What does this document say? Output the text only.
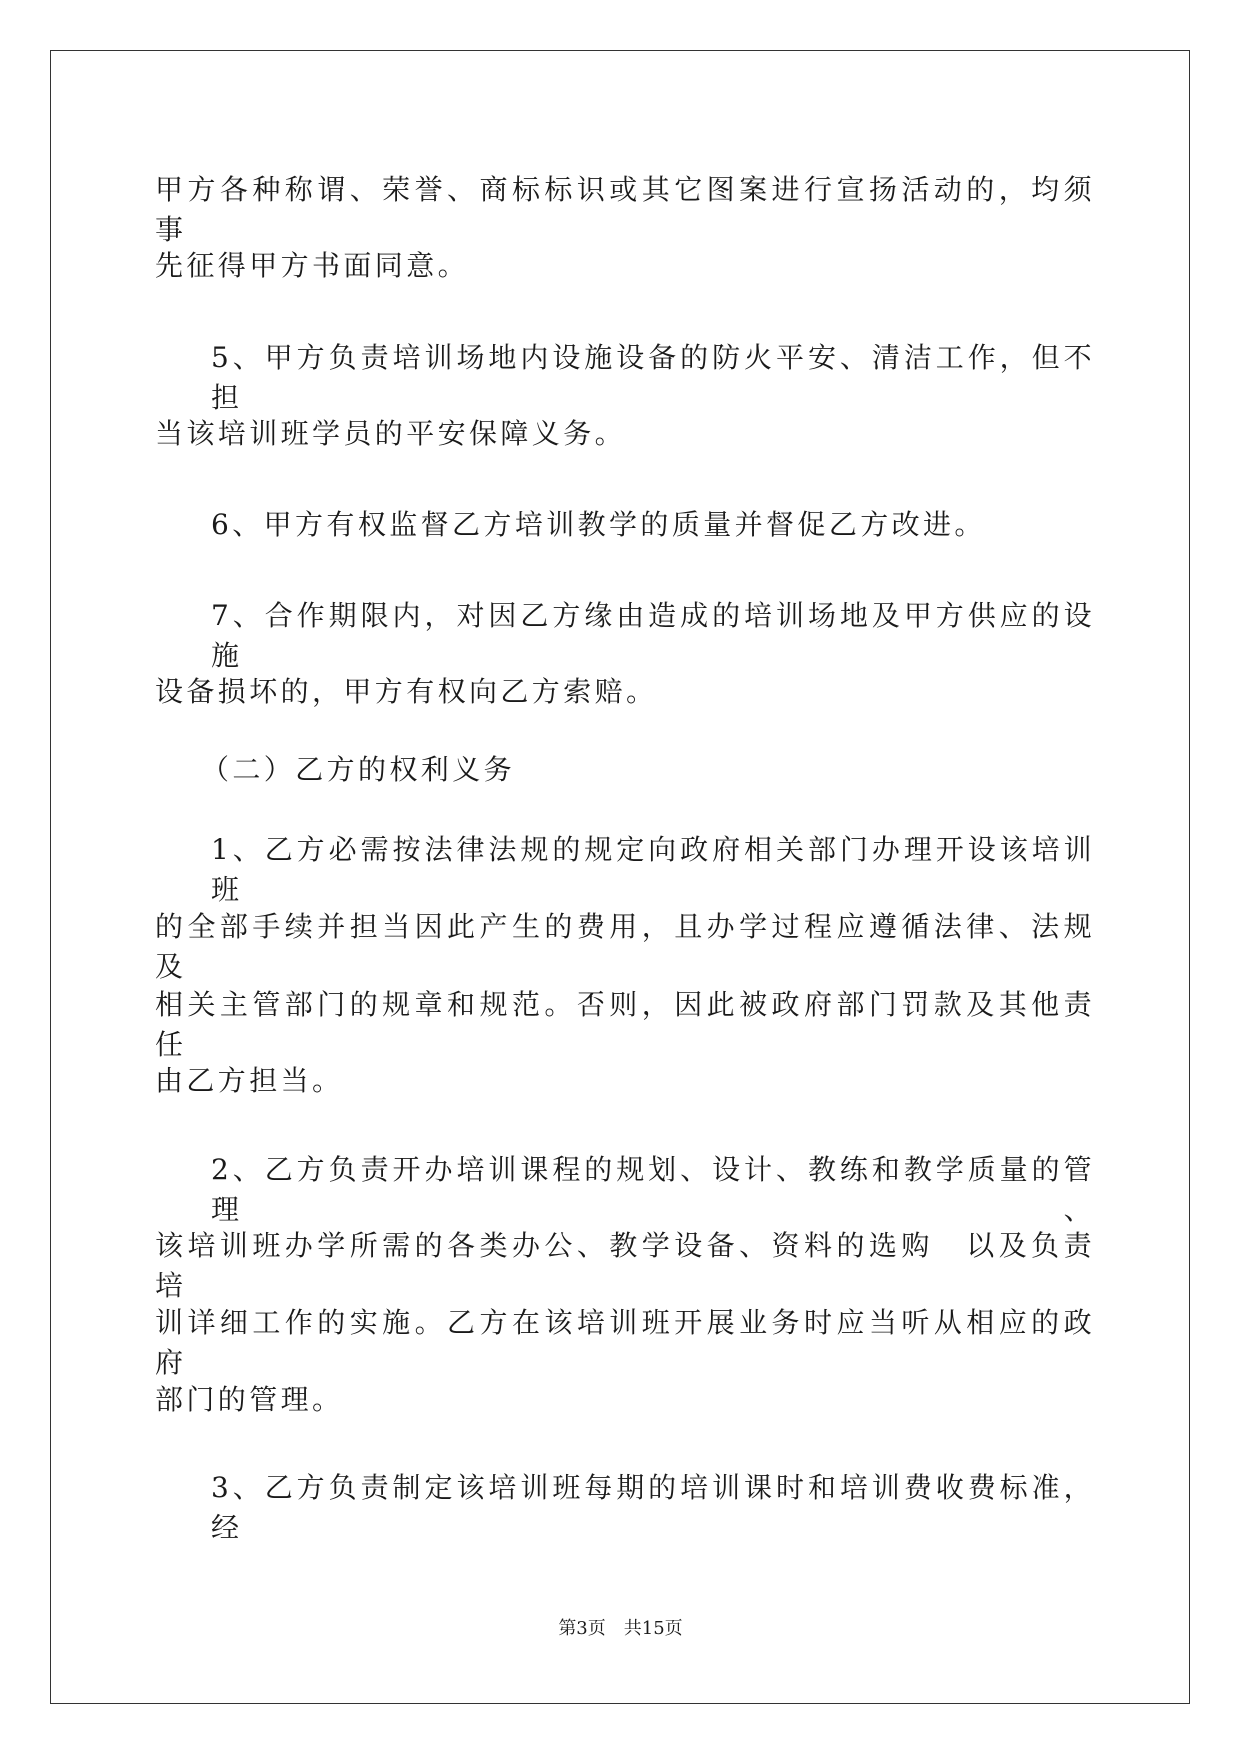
甲方各种称谓、荣誉、商标标识或其它图案进行宣扬活动的，均须事
先征得甲方书面同意。
5、甲方负责培训场地内设施设备的防火平安、清洁工作，但不担
当该培训班学员的平安保障义务。
6、甲方有权监督乙方培训教学的质量并督促乙方改进。
7、合作期限内，对因乙方缘由造成的培训场地及甲方供应的设施
设备损坏的，甲方有权向乙方索赔。
（二）乙方的权利义务
1、乙方必需按法律法规的规定向政府相关部门办理开设该培训班
的全部手续并担当因此产生的费用，且办学过程应遵循法律、法规及
相关主管部门的规章和规范。否则，因此被政府部门罚款及其他责任
由乙方担当。
2、乙方负责开办培训课程的规划、设计、教练和教学质量的管理、
该培训班办学所需的各类办公、教学设备、资料的选购　以及负责培
训详细工作的实施。乙方在该培训班开展业务时应当听从相应的政府
部门的管理。
3、乙方负责制定该培训班每期的培训课时和培训费收费标准，经
第3页 共15页
